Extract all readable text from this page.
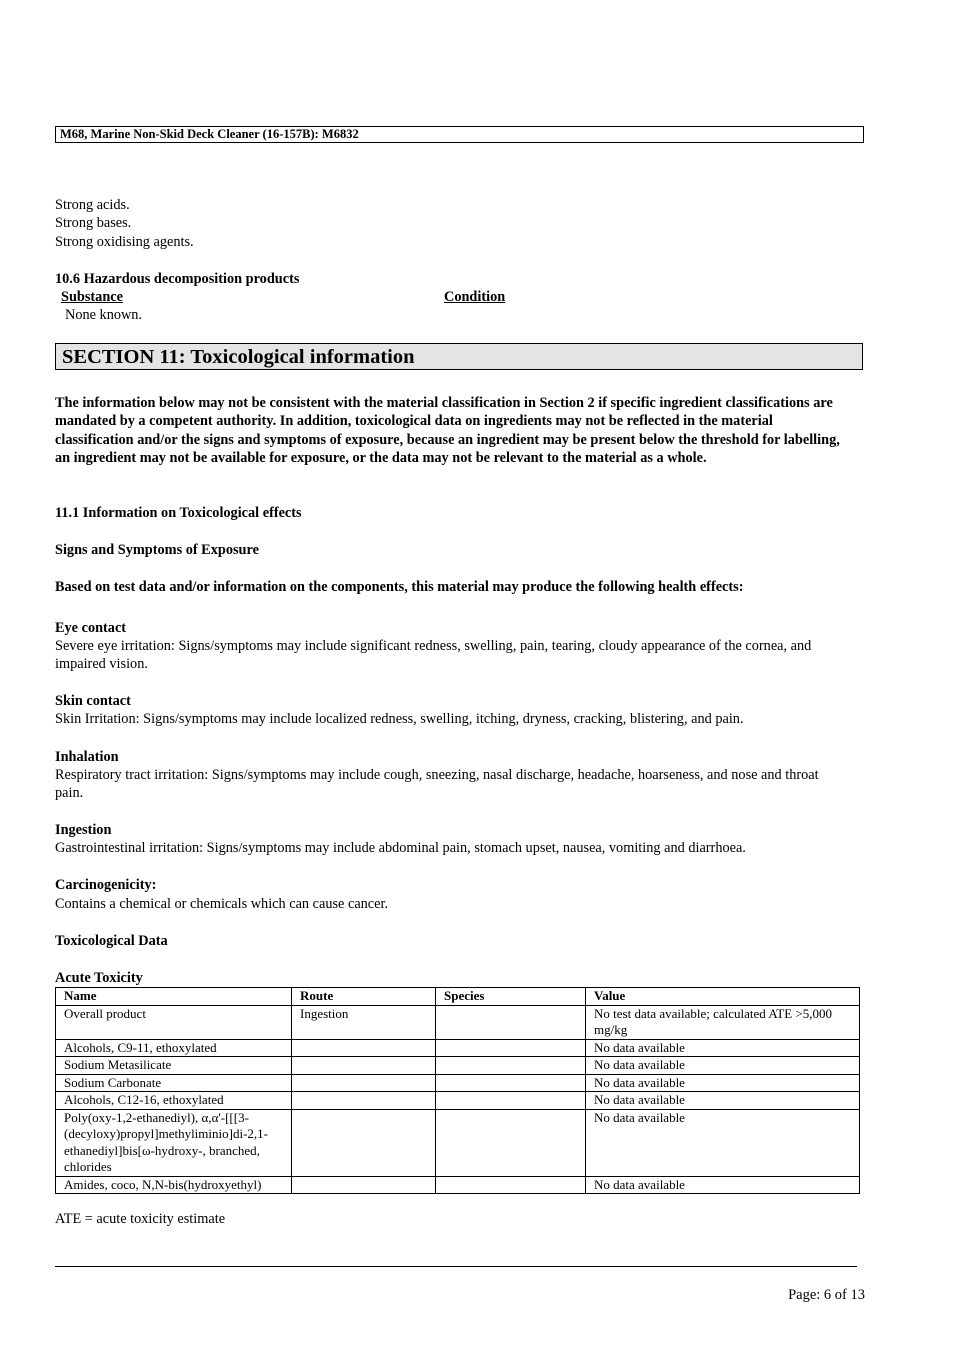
M68, Marine Non-Skid Deck Cleaner (16-157B): M6832
Strong acids.
Strong bases.
Strong oxidising agents.
10.6 Hazardous decomposition products
Substance	Condition
None known.
SECTION 11: Toxicological information
The information below may not be consistent with the material classification in Section 2 if specific ingredient classifications are mandated by a competent authority. In addition, toxicological data on ingredients may not be reflected in the material classification and/or the signs and symptoms of exposure, because an ingredient may be present below the threshold for labelling, an ingredient may not be available for exposure, or the data may not be relevant to the material as a whole.
11.1 Information on Toxicological effects
Signs and Symptoms of Exposure
Based on test data and/or information on the components, this material may produce the following health effects:
Eye contact
Severe eye irritation: Signs/symptoms may include significant redness, swelling, pain, tearing, cloudy appearance of the cornea, and impaired vision.
Skin contact
Skin Irritation: Signs/symptoms may include localized redness, swelling, itching, dryness, cracking, blistering, and pain.
Inhalation
Respiratory tract irritation: Signs/symptoms may include cough, sneezing, nasal discharge, headache, hoarseness, and nose and throat pain.
Ingestion
Gastrointestinal irritation: Signs/symptoms may include abdominal pain, stomach upset, nausea, vomiting and diarrhoea.
Carcinogenicity:
Contains a chemical or chemicals which can cause cancer.
Toxicological Data
Acute Toxicity
Name	Route	Species	Value
Overall product	Ingestion		No test data available; calculated ATE >5,000 mg/kg
Alcohols, C9-11, ethoxylated			No data available
Sodium Metasilicate			No data available
Sodium Carbonate			No data available
Alcohols, C12-16, ethoxylated			No data available
Poly(oxy-1,2-ethanediyl), α,α'-[[[3-(decyloxy)propyl]methyliminio]di-2,1-ethanediyl]bis[ω-hydroxy-, branched, chlorides			No data available
Amides, coco, N,N-bis(hydroxyethyl)			No data available
ATE = acute toxicity estimate
Page: 6 of 13
